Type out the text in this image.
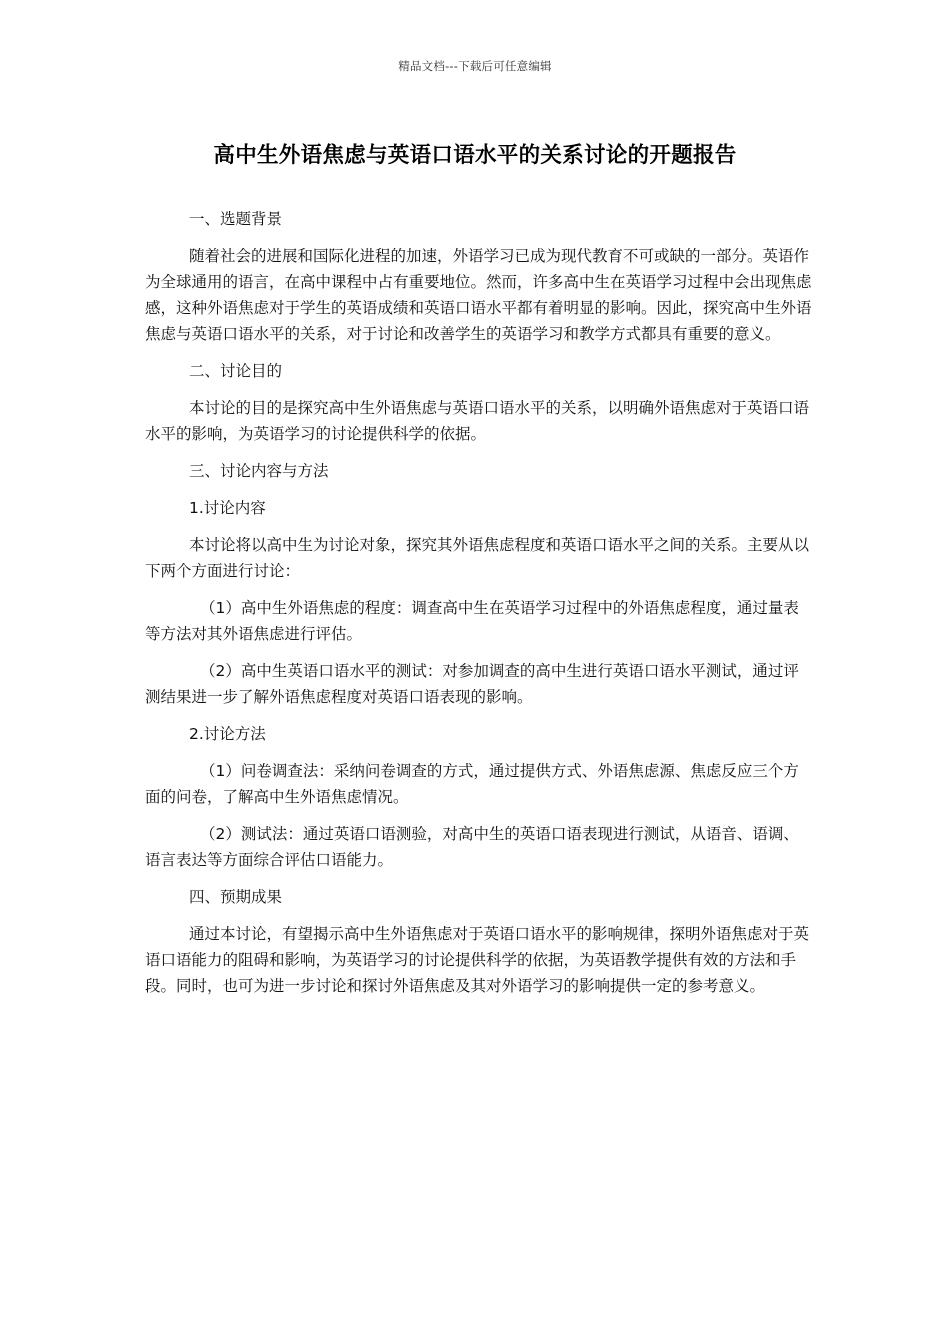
精品文档---下载后可任意编辑
高中生外语焦虑与英语口语水平的关系讨论的开题报告

一、选题背景

随着社会的进展和国际化进程的加速，外语学习已成为现代教育不可或缺的一部分。英语作为全球通用的语言，在高中课程中占有重要地位。然而，许多高中生在英语学习过程中会出现焦虑感，这种外语焦虑对于学生的英语成绩和英语口语水平都有着明显的影响。因此，探究高中生外语焦虑与英语口语水平的关系，对于讨论和改善学生的英语学习和教学方式都具有重要的意义。

二、讨论目的

本讨论的目的是探究高中生外语焦虑与英语口语水平的关系，以明确外语焦虑对于英语口语水平的影响，为英语学习的讨论提供科学的依据。

三、讨论内容与方法

1.讨论内容

本讨论将以高中生为讨论对象，探究其外语焦虑程度和英语口语水平之间的关系。主要从以下两个方面进行讨论：

（1）高中生外语焦虑的程度：调查高中生在英语学习过程中的外语焦虑程度，通过量表等方法对其外语焦虑进行评估。

（2）高中生英语口语水平的测试：对参加调查的高中生进行英语口语水平测试，通过评测结果进一步了解外语焦虑程度对英语口语表现的影响。

2.讨论方法

（1）问卷调查法：采纳问卷调查的方式，通过提供方式、外语焦虑源、焦虑反应三个方面的问卷，了解高中生外语焦虑情况。

（2）测试法：通过英语口语测验，对高中生的英语口语表现进行测试，从语音、语调、语言表达等方面综合评估口语能力。

四、预期成果

通过本讨论，有望揭示高中生外语焦虑对于英语口语水平的影响规律，探明外语焦虑对于英语口语能力的阻碍和影响，为英语学习的讨论提供科学的依据，为英语教学提供有效的方法和手段。同时，也可为进一步讨论和探讨外语焦虑及其对外语学习的影响提供一定的参考意义。
